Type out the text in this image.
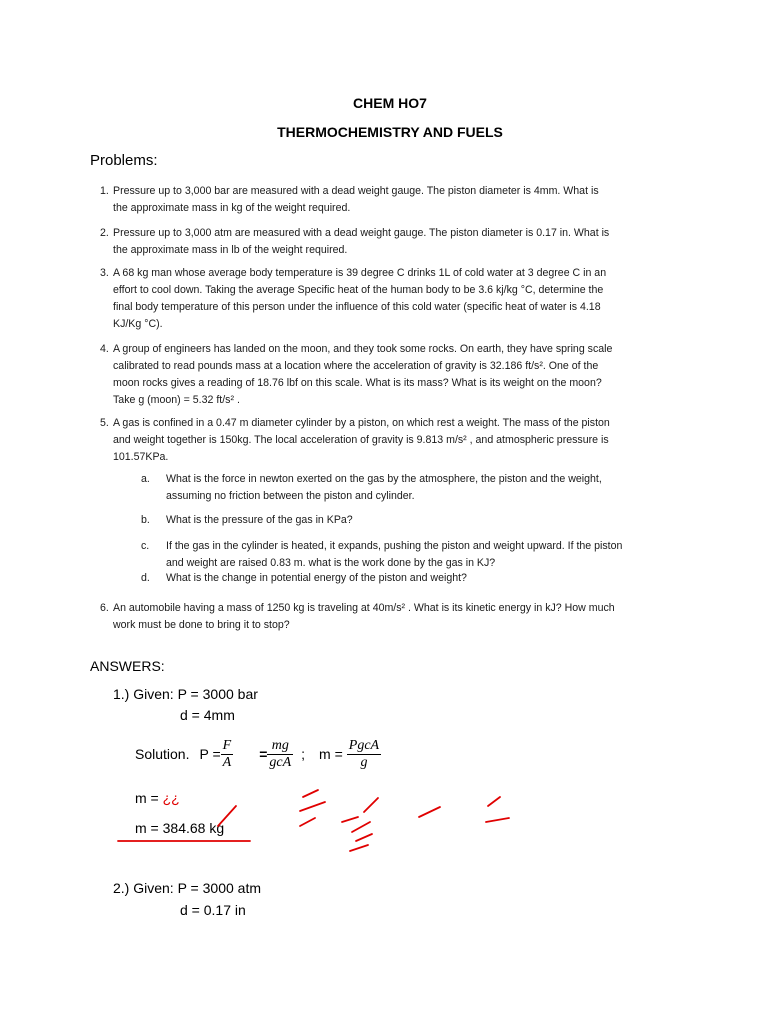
CHEM HO7
THERMOCHEMISTRY AND FUELS
Problems:
1. Pressure up to 3,000 bar are measured with a dead weight gauge. The piston diameter is 4mm. What is
the approximate mass in kg of the weight required.
2. Pressure up to 3,000 atm are measured with a dead weight gauge. The piston diameter is 0.17 in. What is
the approximate mass in lb of the weight required.
3. A 68 kg man whose average body temperature is 39 degree C drinks 1L of cold water at 3 degree C in an
effort to cool down. Taking the average Specific heat of the human body to be 3.6 kj/kg °C, determine the
final body temperature of this person under the influence of this cold water (specific heat of water is 4.18
KJ/Kg °C).
4. A group of engineers has landed on the moon, and they took some rocks. On earth, they have spring scale
calibrated to read pounds mass at a location where the acceleration of gravity is 32.186 ft/s². One of the
moon rocks gives a reading of 18.76 lbf on this scale. What is its mass? What is its weight on the moon?
Take g (moon) = 5.32 ft/s² .
5. A gas is confined in a 0.47 m diameter cylinder by a piston, on which rest a weight. The mass of the piston
and weight together is 150kg. The local acceleration of gravity is 9.813 m/s² , and atmospheric pressure is
101.57KPa.
a. What is the force in newton exerted on the gas by the atmosphere, the piston and the weight,
assuming no friction between the piston and cylinder.
b. What is the pressure of the gas in KPa?
c. If the gas in the cylinder is heated, it expands, pushing the piston and weight upward. If the piston
and weight are raised 0.83 m. what is the work done by the gas in KJ?
d. What is the change in potential energy of the piston and weight?
6. An automobile having a mass of 1250 kg is traveling at 40m/s² . What is its kinetic energy in kJ? How much
work must be done to bring it to stop?
ANSWERS:
1.) Given: P = 3000 bar
d = 4mm
Solution. $P = \frac{F}{A} = \frac{mg}{\text{gcA}}$ ; $m = \frac{\text{PgcA}}{g}$
m = ¿¿
m = 384.68 kg
2.) Given: P = 3000 atm
d = 0.17 in
